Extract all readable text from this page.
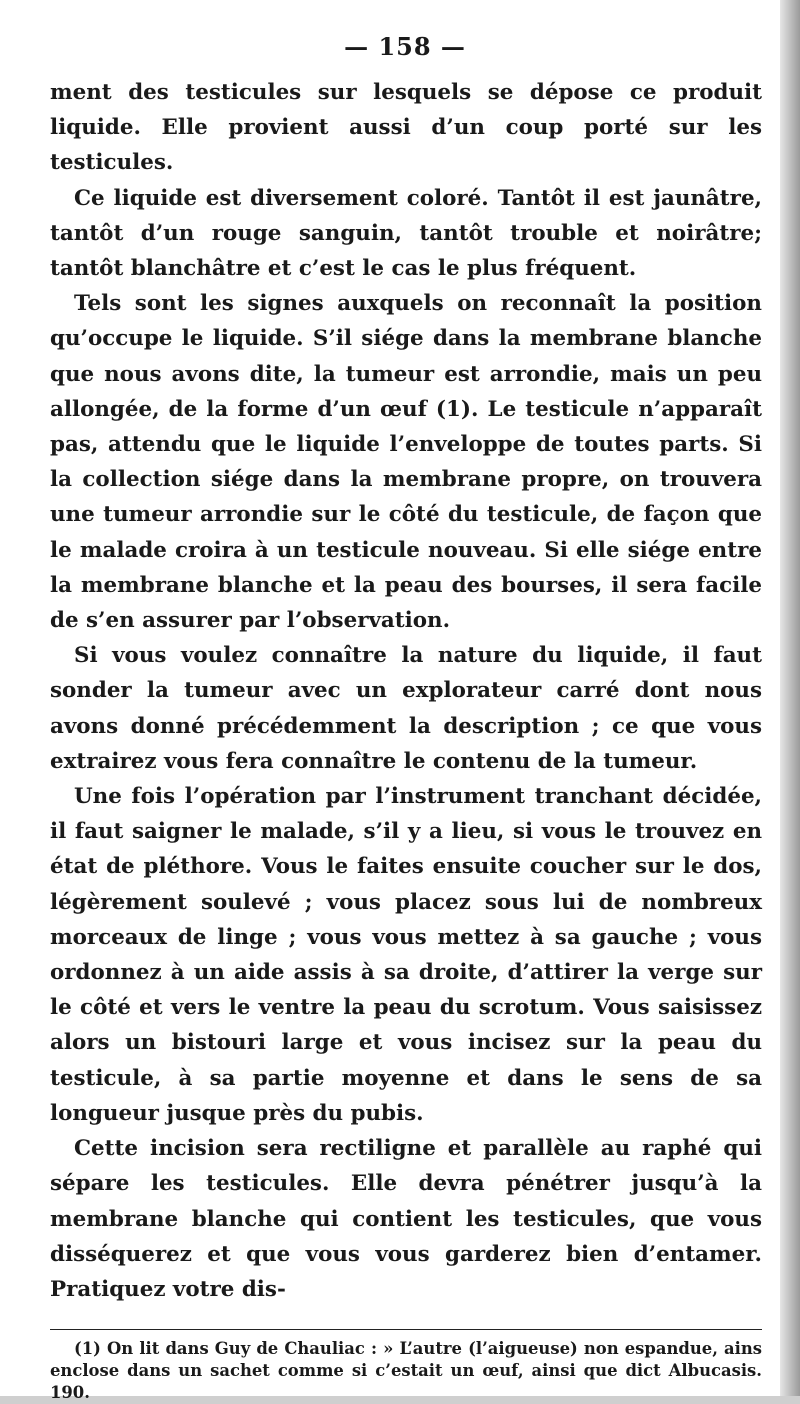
— 158 —

ment des testicules sur lesquels se dépose ce produit liquide. Elle provient aussi d’un coup porté sur les testicules.

Ce liquide est diversement coloré. Tantôt il est jaunâtre, tantôt d’un rouge sanguin, tantôt trouble et noirâtre; tantôt blanchâtre et c’est le cas le plus fréquent.

Tels sont les signes auxquels on reconnaît la position qu’occupe le liquide. S’il siége dans la membrane blanche que nous avons dite, la tumeur est arrondie, mais un peu allongée, de la forme d’un œuf (1). Le testicule n’apparaît pas, attendu que le liquide l’enveloppe de toutes parts. Si la collection siége dans la membrane propre, on trouvera une tumeur arrondie sur le côté du testicule, de façon que le malade croira à un testicule nouveau. Si elle siége entre la membrane blanche et la peau des bourses, il sera facile de s’en assurer par l’observation.

Si vous voulez connaître la nature du liquide, il faut sonder la tumeur avec un explorateur carré dont nous avons donné précédemment la description ; ce que vous extrairez vous fera connaître le contenu de la tumeur.

Une fois l’opération par l’instrument tranchant décidée, il faut saigner le malade, s’il y a lieu, si vous le trouvez en état de pléthore. Vous le faites ensuite coucher sur le dos, légèrement soulevé ; vous placez sous lui de nombreux morceaux de linge ; vous vous mettez à sa gauche ; vous ordonnez à un aide assis à sa droite, d’attirer la verge sur le côté et vers le ventre la peau du scrotum. Vous saisissez alors un bistouri large et vous incisez sur la peau du testicule, à sa partie moyenne et dans le sens de sa longueur jusque près du pubis.

Cette incision sera rectiligne et parallèle au raphé qui sépare les testicules. Elle devra pénétrer jusqu’à la membrane blanche qui contient les testicules, que vous disséquerez et que vous vous garderez bien d’entamer. Pratiquez votre dis-

(1) On lit dans Guy de Chauliac : » L’autre (l’aigueuse) non espandue, ains enclose dans un sachet comme si c’estait un œuf, ainsi que dict Albucasis. 190.
